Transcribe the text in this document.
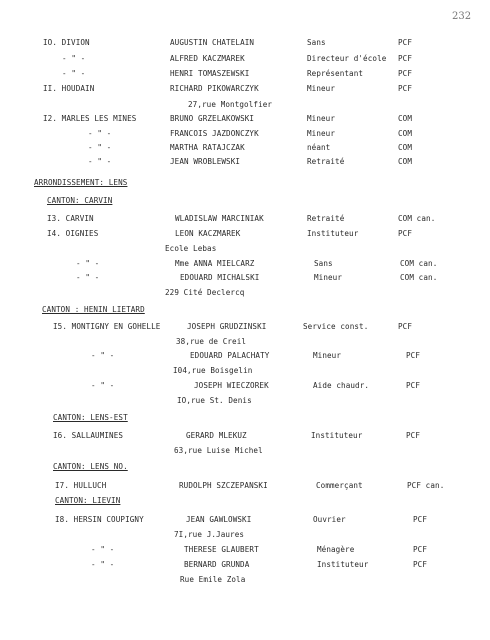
232
IO. DIVION	AUGUSTIN CHATELAIN	Sans	PCF
- " -	ALFRED KACZMAREK	Directeur d'école PCF
- " -	HENRI TOMASZEWSKI	Représentant	PCF
II. HOUDAIN	RICHARD PIKOWARCZYK	Mineur	PCF
27,rue Montgolfier
I2. MARLES LES MINES	BRUNO GRZELAKOWSKI	Mineur	COM
- " -	FRANCOIS JAZDONCZYK	Mineur	COM
- " -	MARTHA RATAJCZAK	néant	COM
- " -	JEAN WROBLEWSKI	Retraité	COM
ARRONDISSEMENT: LENS
CANTON: CARVIN
I3. CARVIN	WLADISLAW MARCINIAK	Retraité	COM can.
I4. OIGNIES	LEON KACZMAREK	Instituteur	PCF
Ecole Lebas
- " -	Mme ANNA MIELCARZ	Sans	COM can.
- " -	EDOUARD MICHALSKI	Mineur	COM can.
229 Cité Declercq
CANTON : HENIN LIETARD
I5. MONTIGNY EN GOHELLE	JOSEPH GRUDZINSKI	Service const.	PCF
38,rue de Creil
- " -	EDOUARD PALACHATY	Mineur	PCF
I04,rue Boisgelin
- " -	JOSEPH WIECZOREK	Aide chaudr.	PCF
IO,rue St. Denis
CANTON: LENS-EST
I6. SALLAUMINES	GERARD MLEKUZ	Instituteur	PCF
63,rue Luise Michel
CANTON: LENS NO.
I7. HULLUCH	RUDOLPH SZCZEPANSKI	Commerçant	PCF can.
CANTON: LIEVIN
I8. HERSIN COUPIGNY	JEAN GAWLOWSKI	Ouvrier	PCF
7I,rue J.Jaures
- " -	THERESE GLAUBERT	Ménagère	PCF
- " -	BERNARD GRUNDA	Instituteur	PCF
Rue Emile Zola
